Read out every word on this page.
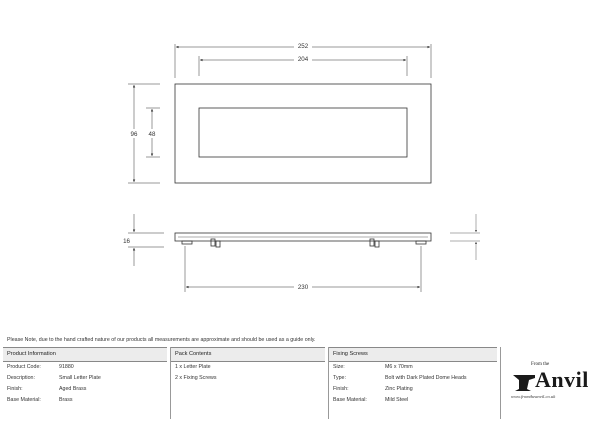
252
204
96 48
16
230
Please Note, due to the hand crafted nature of our products all measurements are approximate and should be used as a guide only.
Product Information
Product Code:	91880
Description:	Small Letter Plate
Finish:	Aged Brass
Base Material:	Brass
Pack Contents
1 x Letter Plate
2 x Fixing Screws
Fixing Screws
Size:	M6 x 70mm
Type:	Bolt with Dark Plated Dome Heads
Finish:	Zinc Plating
Base Material:	Mild Steel
From the
Anvil
www.fromtheanvil.co.uk
